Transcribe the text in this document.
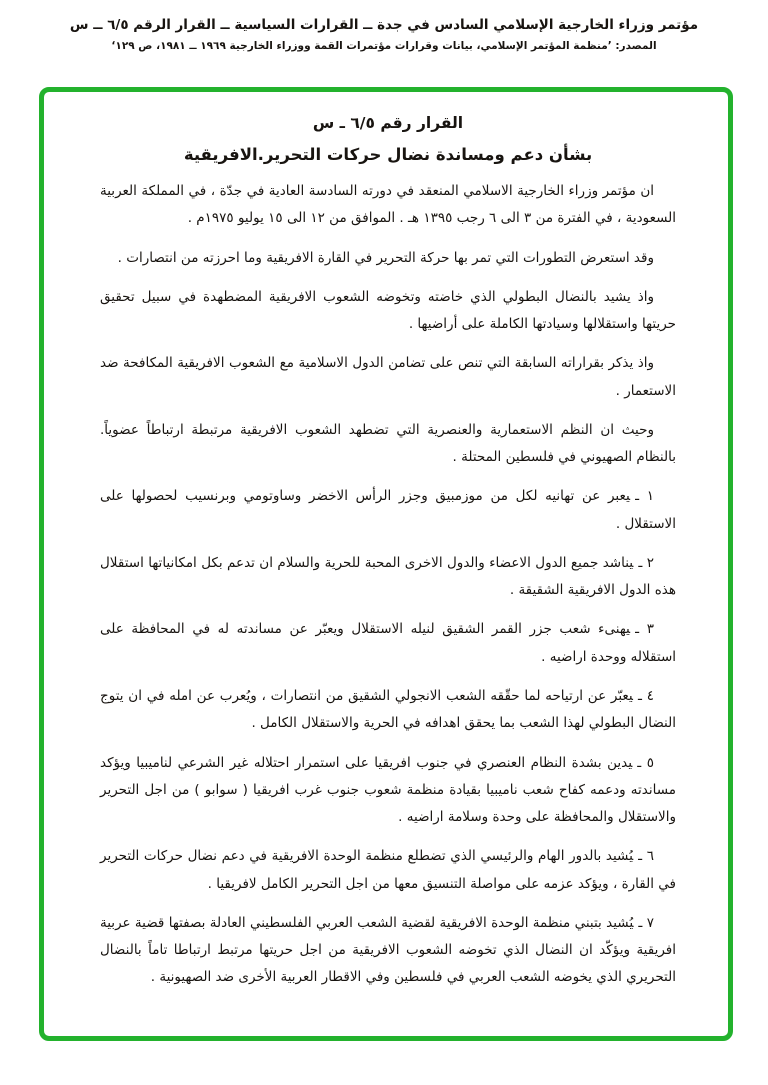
مؤتمر وزراء الخارجية الإسلامي السادس في جدة ــ القرارات السياسية ــ القرار الرقم ٦/٥ ــ س
المصدر: ’منظمة المؤتمر الإسلامي، بيانات وقرارات مؤتمرات القمة ووزراء الخارجية ١٩٦٩ ــ ١٩٨١، ص ١٢٩‘
القرار رقم ٦/٥ ـ س
بشأن دعم ومساندة نضال حركات التحرير.الافريقية

ان مؤتمر وزراء الخارجية الاسلامي المنعقد في دورته السادسة العادية في جدّة ، في المملكة العربية السعودية ، في الفترة من ٣ الى ٦ رجب ١٣٩٥ هـ . الموافق من ١٢ الى ١٥ يوليو ١٩٧٥م .

وقد استعرض التطورات التي تمر بها حركة التحرير في القارة الافريقية وما احرزته من انتصارات .

واذ يشيد بالنضال البطولي الذي خاضته وتخوضه الشعوب الافريقية المضطهدة في سبيل تحقيق حريتها واستقلالها وسيادتها الكاملة على أراضيها .

واذ يذكر بقراراته السابقة التي تنص على تضامن الدول الاسلامية مع الشعوب الافريقية المكافحة ضد الاستعمار .

وحيث ان النظم الاستعمارية والعنصرية التي تضطهد الشعوب الافريقية مرتبطة ارتباطاً عضوياً. بالنظام الصهيوني في فلسطين المحتلة .

١ ـيعبر عن تهانيه لكل من موزمبيق وجزر الرأس الاخضر وساوتومي وبرنسيب لحصولها على الاستقلال .

٢ ـيناشد جميع الدول الاعضاء والدول الاخرى المحبة للحرية والسلام ان تدعم بكل امكانياتها استقلال هذه الدول الافريقية الشقيقة .

٣ ـيهنىء شعب جزر القمر الشقيق لنيله الاستقلال ويعبّر عن مساندته له في المحافظة على استقلاله ووحدة اراضيه .

٤ ـيعبّر عن ارتياحه لما حقّقه الشعب الانجولي الشقيق من انتصارات ، ويُعرب عن امله في ان يتوج النضال البطولي لهذا الشعب بما يحقق اهدافه في الحرية والاستقلال الكامل .

٥ ـيدين بشدة النظام العنصري في جنوب افريقيا على استمرار احتلاله غير الشرعي لناميبيا ويؤكد مساندته ودعمه كفاح شعب ناميبيا بقيادة منظمة شعوب جنوب غرب افريقيا ( سوابو ) من اجل التحرير والاستقلال والمحافظة على وحدة وسلامة اراضيه .

٦ ـيُشيد بالدور الهام والرئيسي الذي تضطلع منظمة الوحدة الافريقية في دعم نضال حركات التحرير في القارة ، ويؤكد عزمه على مواصلة التنسيق معها من اجل التحرير الكامل لافريقيا .

٧ ـيُشيد بتبني منظمة الوحدة الافريقية لقضية الشعب العربي الفلسطيني العادلة بصفتها قضية عربية افريقية ويؤكّد ان النضال الذي تخوضه الشعوب الافريقية من اجل حريتها مرتبط ارتباطا تاماً بالنضال التحريري الذي يخوضه الشعب العربي في فلسطين وفي الاقطار العربية الأخرى ضد الصهيونية .
